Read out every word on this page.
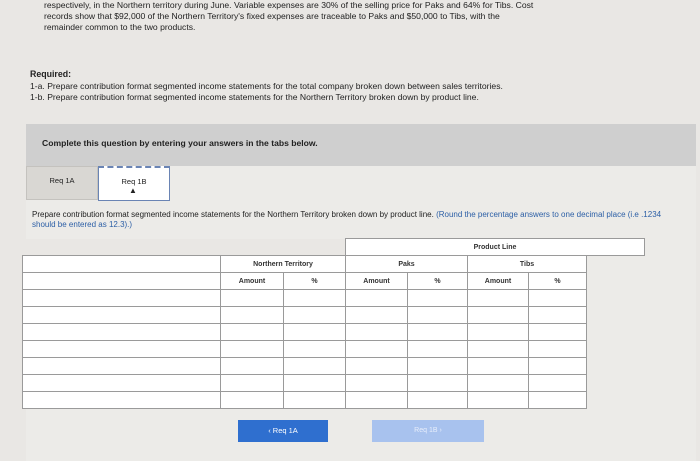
respectively, in the Northern territory during June. Variable expenses are 30% of the selling price for Paks and 64% for Tibs. Cost
records show that $92,000 of the Northern Territory's fixed expenses are traceable to Paks and $50,000 to Tibs, with the
remainder common to the two products.
Required:
1-a. Prepare contribution format segmented income statements for the total company broken down between sales territories.
1-b. Prepare contribution format segmented income statements for the Northern Territory broken down by product line.
Complete this question by entering your answers in the tabs below.
Req 1A	Req 1B
▲
Prepare contribution format segmented income statements for the Northern Territory broken down by product line. (Round the percentage answers to one decimal place (i.e .1234 should be entered as 12.3).)
			Product Line			
	Northern Territory		Paks		Tibs	
	Amount	%	Amount	%	Amount	%

‹ Req 1A	Req 1B ›
